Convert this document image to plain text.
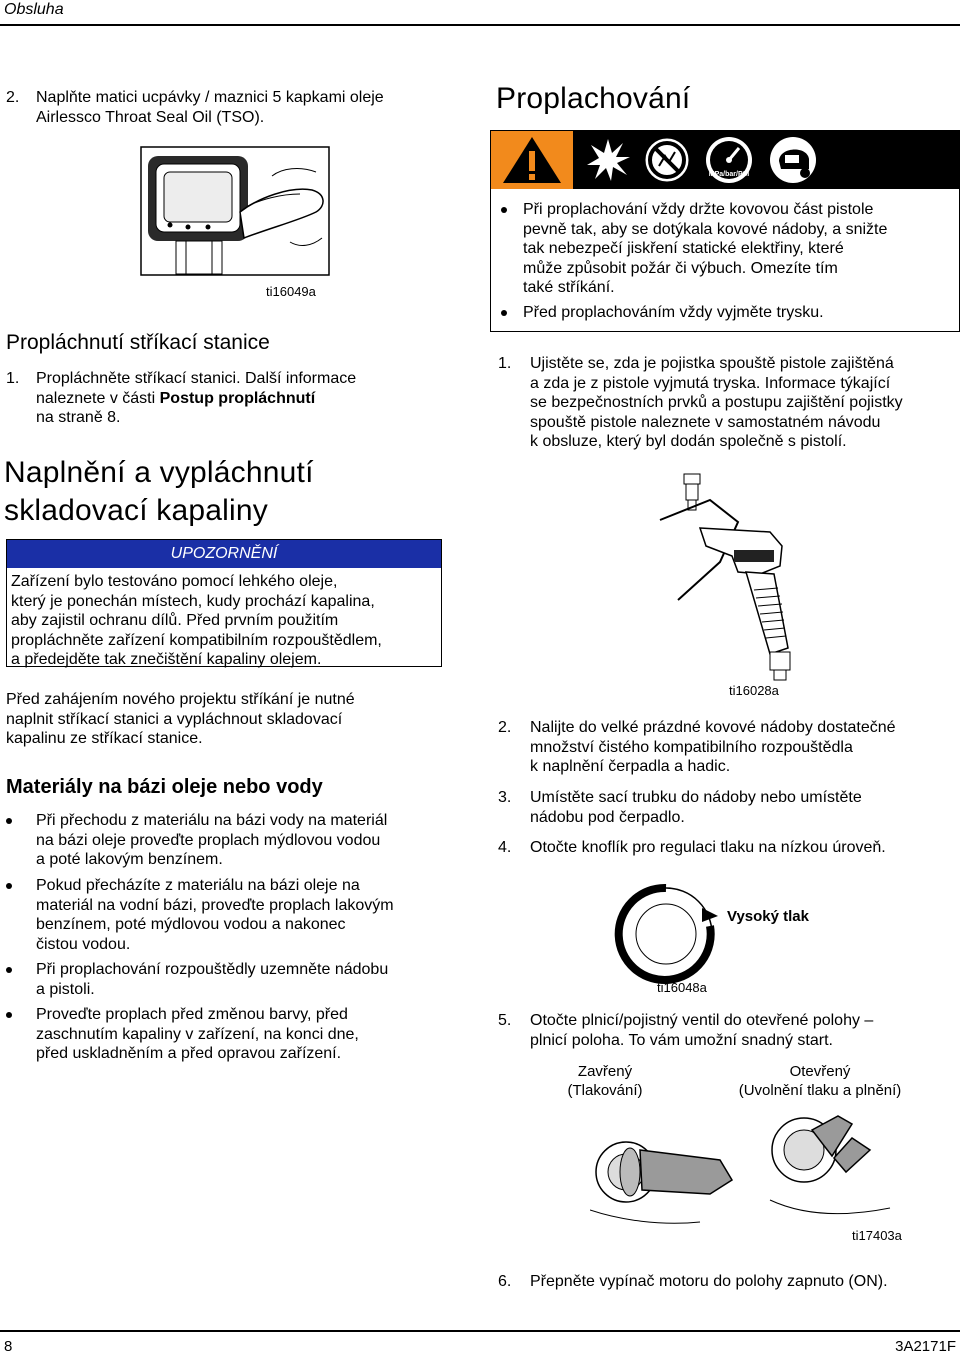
Obsluha
2. Naplňte matici ucpávky / maznici 5 kapkami oleje
Airlessco Throat Seal Oil (TSO).
ti16049a
Propláchnutí stříkací stanice
1. Propláchněte stříkací stanici. Další informace
naleznete v části Postup propláchnutí
na straně 8.
Naplnění a vypláchnutí
skladovací kapaliny
UPOZORNĚNÍ
Zařízení bylo testováno pomocí lehkého oleje,
který je ponechán místech, kudy prochází kapalina,
aby zajistil ochranu dílů. Před prvním použitím
propláchněte zařízení kompatibilním rozpouštědlem,
a předejděte tak znečištění kapaliny olejem.
Před zahájením nového projektu stříkání je nutné
naplnit stříkací stanici a vypláchnout skladovací
kapalinu ze stříkací stanice.
Materiály na bázi oleje nebo vody
Při přechodu z materiálu na bázi vody na materiál
na bázi oleje proveďte proplach mýdlovou vodou
a poté lakovým benzínem.
Pokud přecházíte z materiálu na bázi oleje na
materiál na vodní bázi, proveďte proplach lakovým
benzínem, poté mýdlovou vodou a nakonec
čistou vodou.
Při proplachování rozpouštědly uzemněte nádobu
a pistoli.
Proveďte proplach před změnou barvy, před
zaschnutím kapaliny v zařízení, na konci dne,
před uskladněním a před opravou zařízení.
Proplachování
MPa/bar/PSI
Při proplachování vždy držte kovovou část pistole
pevně tak, aby se dotýkala kovové nádoby, a snižte
tak nebezpečí jiskření statické elektřiny, které
může způsobit požár či výbuch. Omezíte tím
také stříkání.
Před proplachováním vždy vyjměte trysku.
1. Ujistěte se, zda je pojistka spouště pistole zajištěná
a zda je z pistole vyjmutá tryska. Informace týkající
se bezpečnostních prvků a postupu zajištění pojistky
spouště pistole naleznete v samostatném návodu
k obsluze, který byl dodán společně s pistolí.
ti16028a
2. Nalijte do velké prázdné kovové nádoby dostatečné
množství čistého kompatibilního rozpouštědla
k naplnění čerpadla a hadic.
3. Umístěte sací trubku do nádoby nebo umístěte
nádobu pod čerpadlo.
4. Otočte knoflík pro regulaci tlaku na nízkou úroveň.
Vysoký tlak
ti16048a
5. Otočte plnicí/pojistný ventil do otevřené polohy –
plnicí poloha. To vám umožní snadný start.
Zavřený
(Tlakování)
Otevřený
(Uvolnění tlaku a plnění)
ti17403a
6. Přepněte vypínač motoru do polohy zapnuto (ON).
8	3A2171F
